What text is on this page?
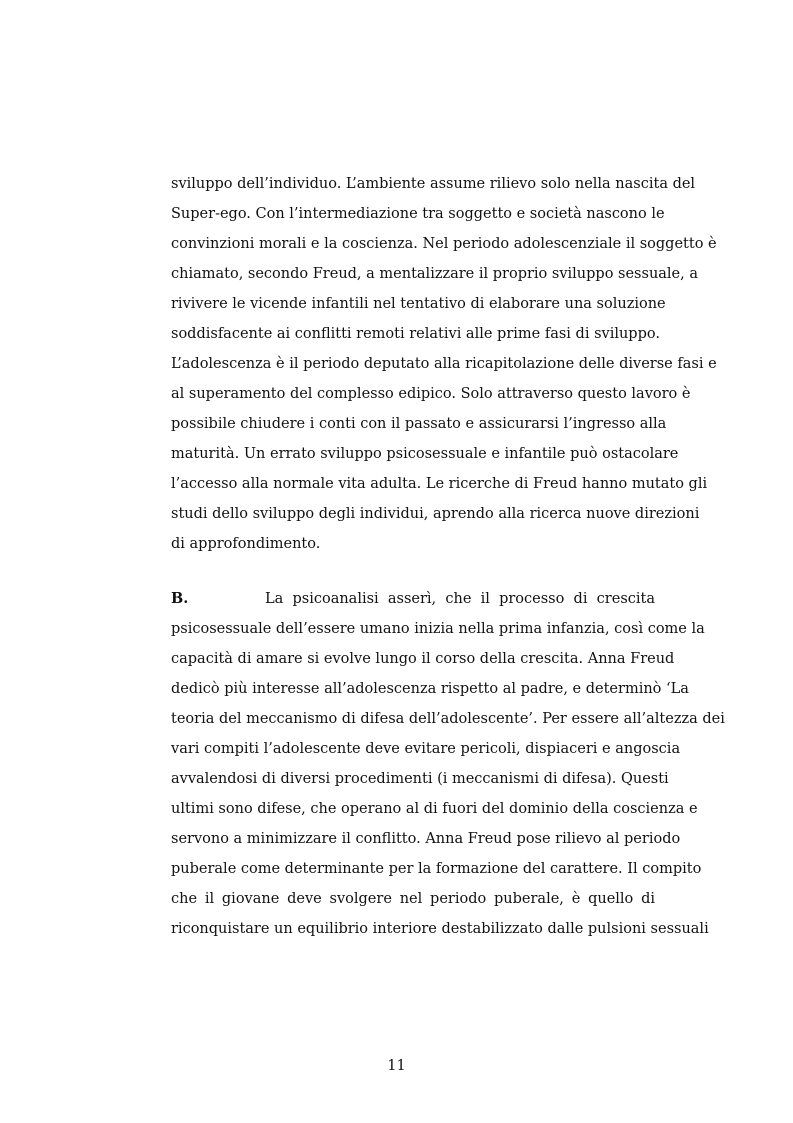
sviluppo dell’individuo. L’ambiente assume rilievo solo nella nascita del
Super-ego. Con l’intermediazione tra soggetto e società nascono le
convinzioni morali e la coscienza. Nel periodo adolescenziale il soggetto è
chiamato, secondo Freud, a mentalizzare il proprio sviluppo sessuale, a
rivivere le vicende infantili nel tentativo di elaborare una soluzione
soddisfacente ai conflitti remoti relativi alle prime fasi di sviluppo.
L’adolescenza è il periodo deputato alla ricapitolazione delle diverse fasi e
al superamento del complesso edipico. Solo attraverso questo lavoro è
possibile chiudere i conti con il passato e assicurarsi l’ingresso alla
maturità. Un errato sviluppo psicosessuale e infantile può ostacolare
l’accesso alla normale vita adulta. Le ricerche di Freud hanno mutato gli
studi dello sviluppo degli individui, aprendo alla ricerca nuove direzioni
di approfondimento.
B.	La psicoanalisi asserì, che il processo di crescita
psicosessuale dell’essere umano inizia nella prima infanzia, così come la
capacità di amare si evolve lungo il corso della crescita. Anna Freud
dedicò più interesse all’adolescenza rispetto al padre, e determinò ‘La
teoria del meccanismo di difesa dell’adolescente’. Per essere all’altezza dei
vari compiti l’adolescente deve evitare pericoli, dispiaceri e angoscia
avvalendosi di diversi procedimenti (i meccanismi di difesa). Questi
ultimi sono difese, che operano al di fuori del dominio della coscienza e
servono a minimizzare il conflitto. Anna Freud pose rilievo al periodo
puberale come determinante per la formazione del carattere. Il compito
che il giovane deve svolgere nel periodo puberale, è quello di
riconquistare un equilibrio interiore destabilizzato dalle pulsioni sessuali
11
